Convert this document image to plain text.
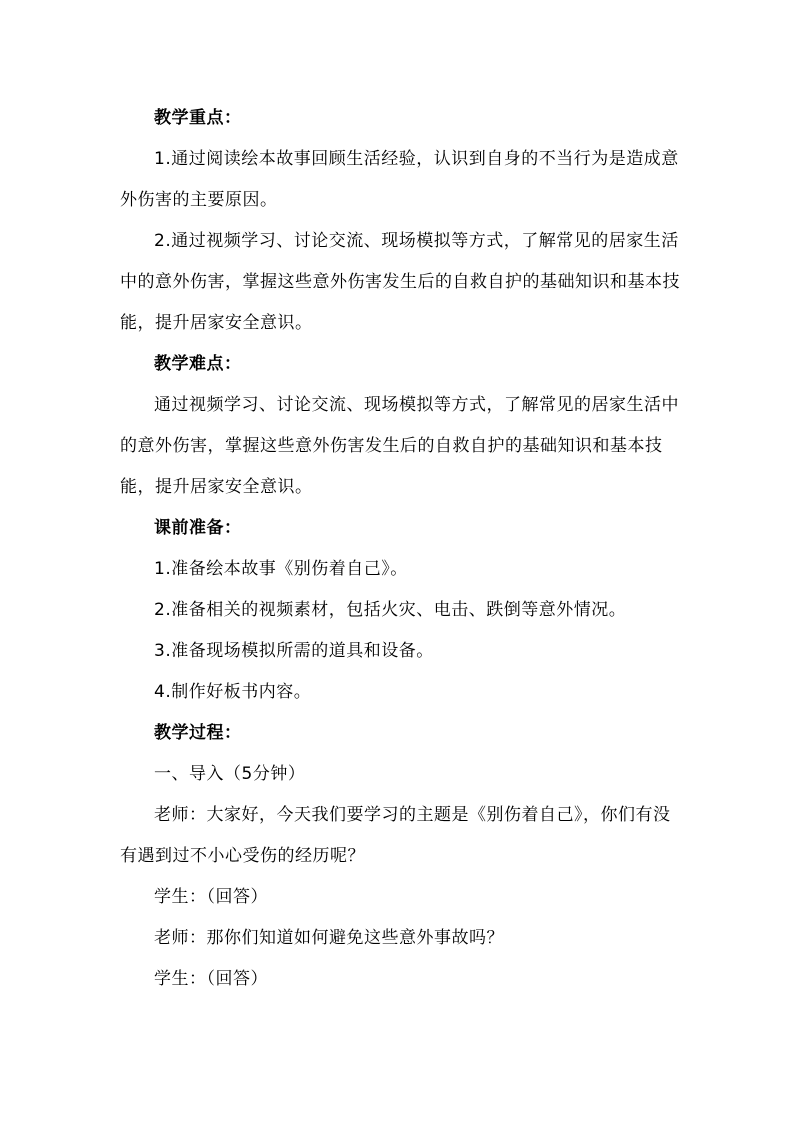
教学重点：

1.通过阅读绘本故事回顾生活经验，认识到自身的不当行为是造成意外伤害的主要原因。

2.通过视频学习、讨论交流、现场模拟等方式，了解常见的居家生活中的意外伤害，掌握这些意外伤害发生后的自救自护的基础知识和基本技能，提升居家安全意识。

教学难点：

通过视频学习、讨论交流、现场模拟等方式，了解常见的居家生活中的意外伤害，掌握这些意外伤害发生后的自救自护的基础知识和基本技能，提升居家安全意识。

课前准备：

1.准备绘本故事《别伤着自己》。

2.准备相关的视频素材，包括火灾、电击、跌倒等意外情况。

3.准备现场模拟所需的道具和设备。

4.制作好板书内容。

教学过程：

一、导入（5分钟）

老师：大家好，今天我们要学习的主题是《别伤着自己》，你们有没有遇到过不小心受伤的经历呢？

学生：（回答）

老师：那你们知道如何避免这些意外事故吗？

学生：（回答）
